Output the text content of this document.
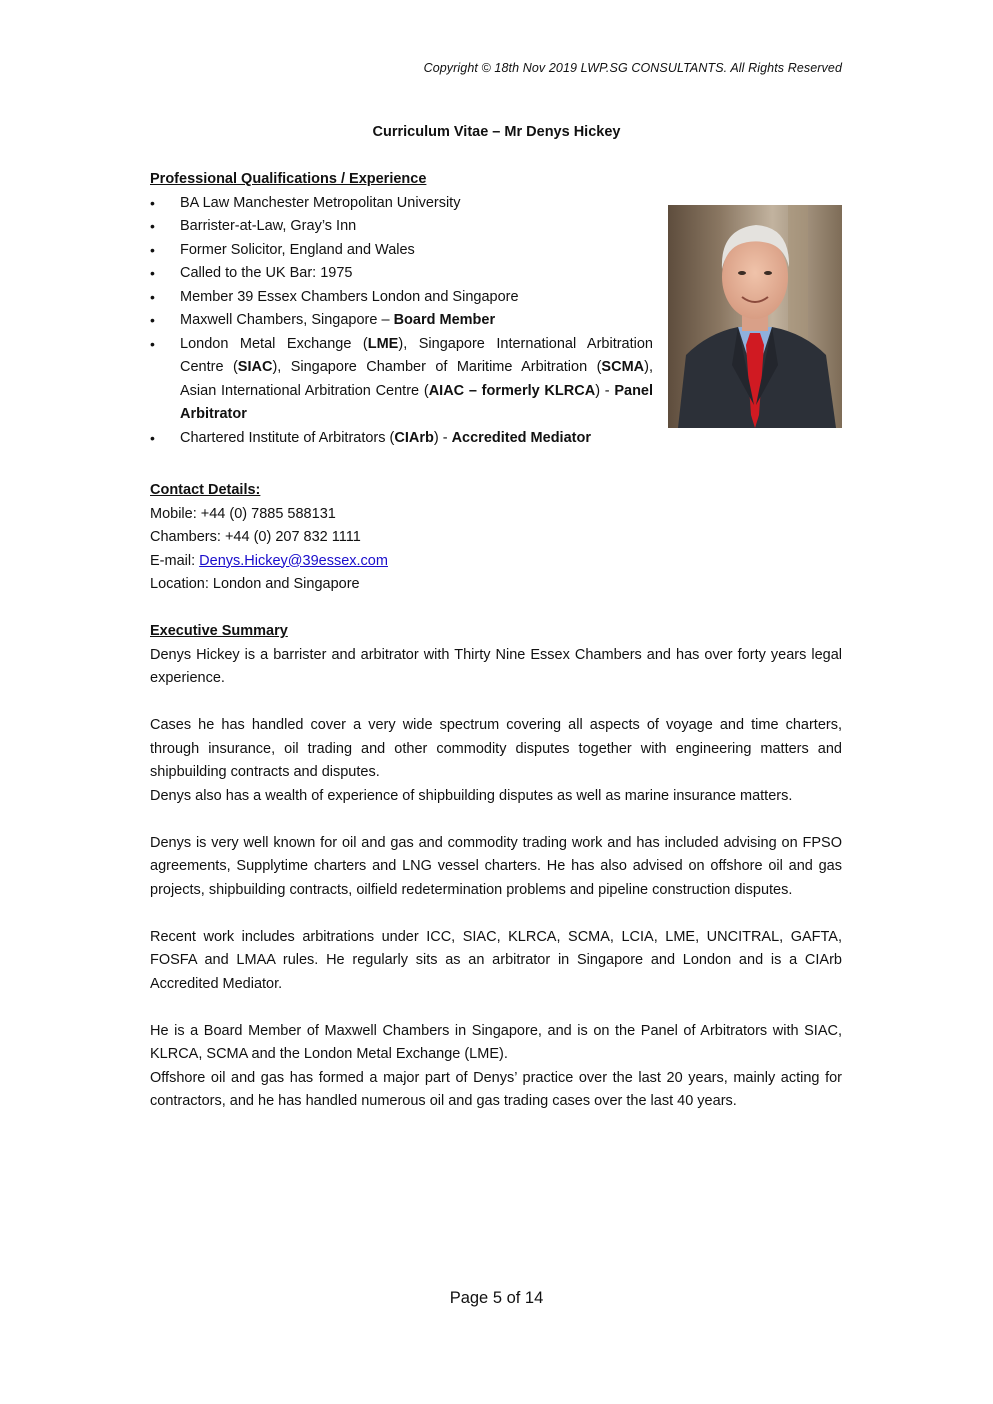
Copyright © 18th Nov 2019 LWP.SG CONSULTANTS. All Rights Reserved
Curriculum Vitae – Mr Denys Hickey

Professional Qualifications / Experience

• BA Law Manchester Metropolitan University
• Barrister-at-Law, Gray’s Inn
• Former Solicitor, England and Wales
• Called to the UK Bar: 1975
• Member 39 Essex Chambers London and Singapore
• Maxwell Chambers, Singapore – Board Member
• London Metal Exchange (LME), Singapore International Arbitration Centre (SIAC), Singapore Chamber of Maritime Arbitration (SCMA), Asian International Arbitration Centre (AIAC – formerly KLRCA) - Panel Arbitrator
• Chartered Institute of Arbitrators (CIArb) - Accredited Mediator

Contact Details:

Mobile: +44 (0) 7885 588131

Chambers: +44 (0) 207 832 1111

E-mail: Denys.Hickey@39essex.com

Location: London and Singapore

Executive Summary

Denys Hickey is a barrister and arbitrator with Thirty Nine Essex Chambers and has over forty years legal experience.

Cases he has handled cover a very wide spectrum covering all aspects of voyage and time charters, through insurance, oil trading and other commodity disputes together with engineering matters and shipbuilding contracts and disputes.

Denys also has a wealth of experience of shipbuilding disputes as well as marine insurance matters.

Denys is very well known for oil and gas and commodity trading work and has included advising on FPSO agreements, Supplytime charters and LNG vessel charters. He has also advised on offshore oil and gas projects, shipbuilding contracts, oilfield redetermination problems and pipeline construction disputes.

Recent work includes arbitrations under ICC, SIAC, KLRCA, SCMA, LCIA, LME, UNCITRAL, GAFTA, FOSFA and LMAA rules. He regularly sits as an arbitrator in Singapore and London and is a CIArb Accredited Mediator.

He is a Board Member of Maxwell Chambers in Singapore, and is on the Panel of Arbitrators with SIAC, KLRCA, SCMA and the London Metal Exchange (LME).

Offshore oil and gas has formed a major part of Denys’ practice over the last 20 years, mainly acting for contractors, and he has handled numerous oil and gas trading cases over the last 40 years.

Page 5 of 14
